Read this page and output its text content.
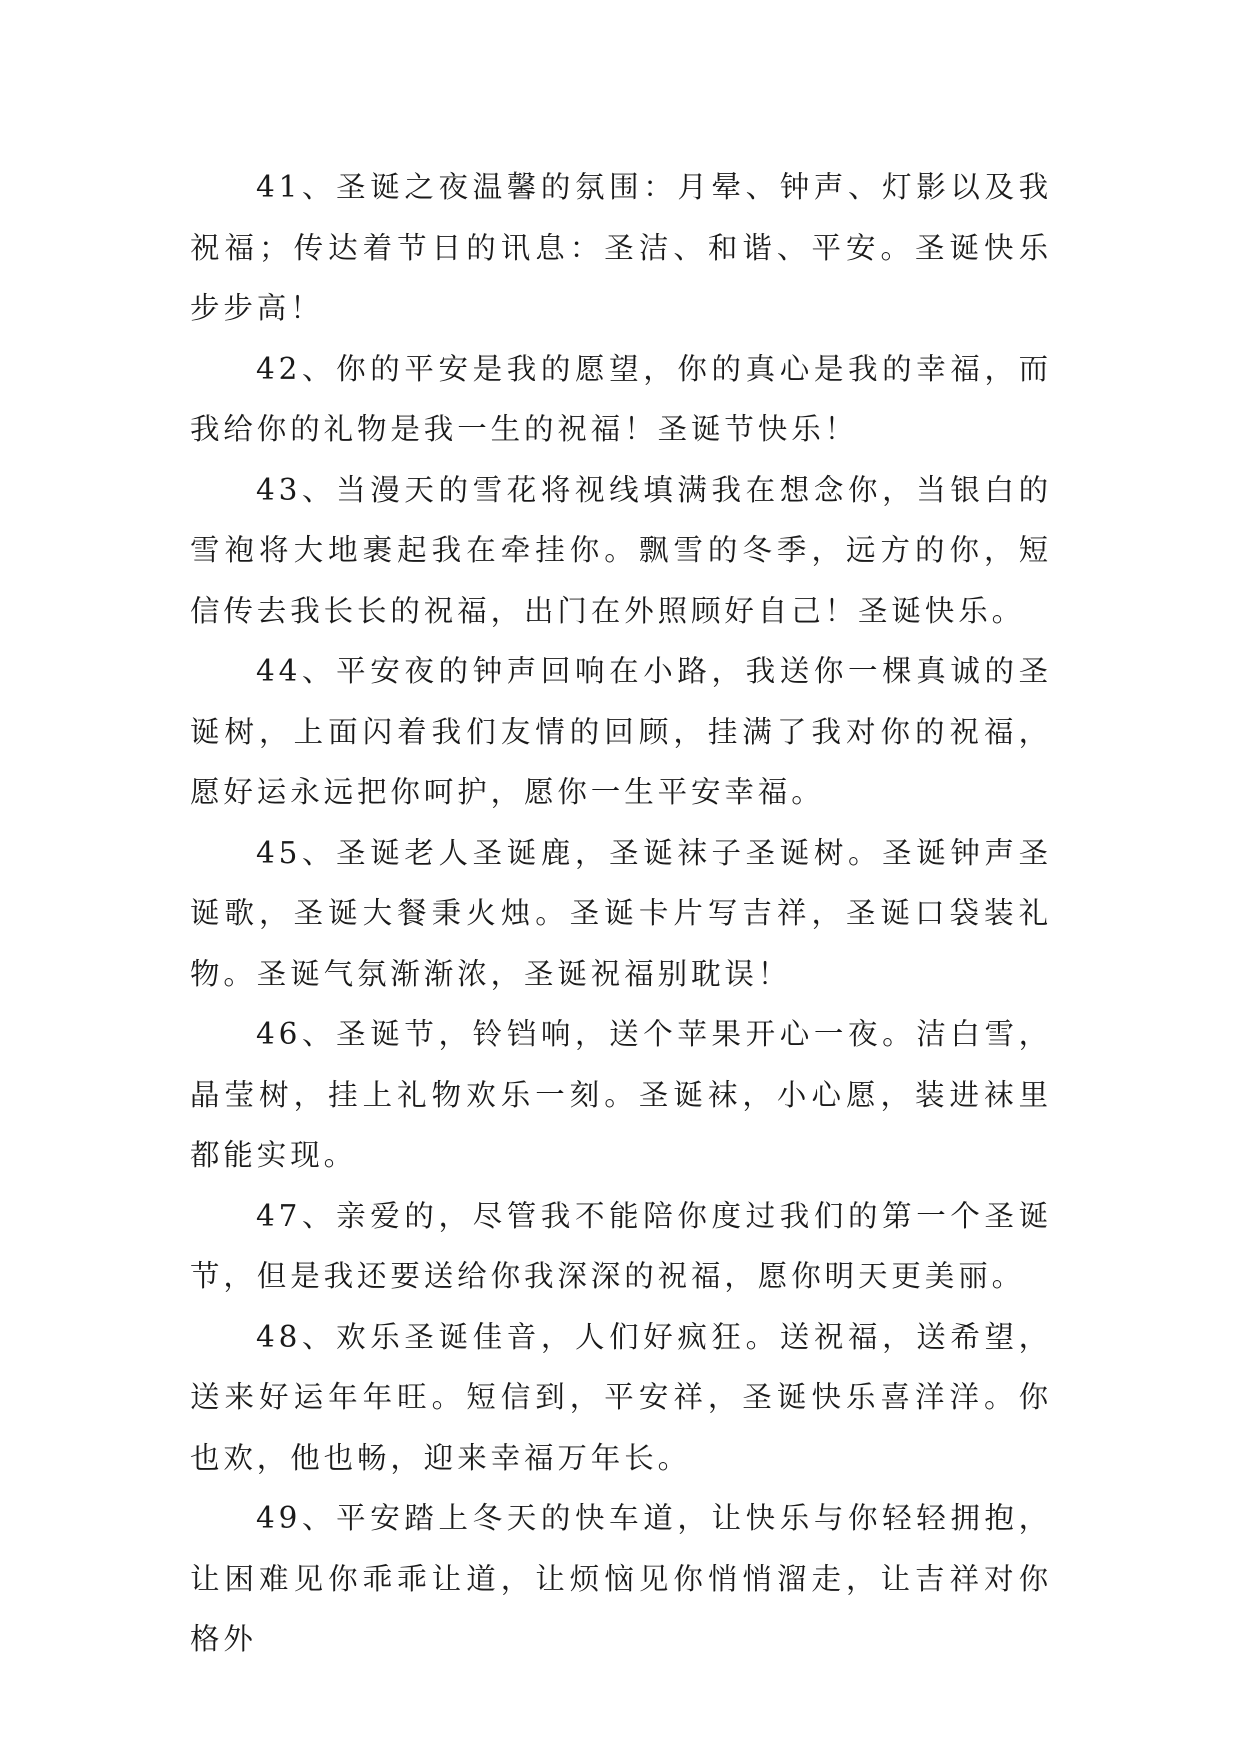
41、圣诞之夜温馨的氛围：月晕、钟声、灯影以及我祝福；传达着节日的讯息：圣洁、和谐、平安。圣诞快乐步步高！

42、你的平安是我的愿望，你的真心是我的幸福，而我给你的礼物是我一生的祝福！圣诞节快乐！

43、当漫天的雪花将视线填满我在想念你，当银白的雪袍将大地裹起我在牵挂你。飘雪的冬季，远方的你，短信传去我长长的祝福，出门在外照顾好自己！圣诞快乐。

44、平安夜的钟声回响在小路，我送你一棵真诚的圣诞树，上面闪着我们友情的回顾，挂满了我对你的祝福，愿好运永远把你呵护，愿你一生平安幸福。

45、圣诞老人圣诞鹿，圣诞袜子圣诞树。圣诞钟声圣诞歌，圣诞大餐秉火烛。圣诞卡片写吉祥，圣诞口袋装礼物。圣诞气氛渐渐浓，圣诞祝福别耽误！

46、圣诞节，铃铛响，送个苹果开心一夜。洁白雪，晶莹树，挂上礼物欢乐一刻。圣诞袜，小心愿，装进袜里都能实现。

47、亲爱的，尽管我不能陪你度过我们的第一个圣诞节，但是我还要送给你我深深的祝福，愿你明天更美丽。

48、欢乐圣诞佳音，人们好疯狂。送祝福，送希望，送来好运年年旺。短信到，平安祥，圣诞快乐喜洋洋。你也欢，他也畅，迎来幸福万年长。

49、平安踏上冬天的快车道，让快乐与你轻轻拥抱，让困难见你乖乖让道，让烦恼见你悄悄溜走，让吉祥对你格外
